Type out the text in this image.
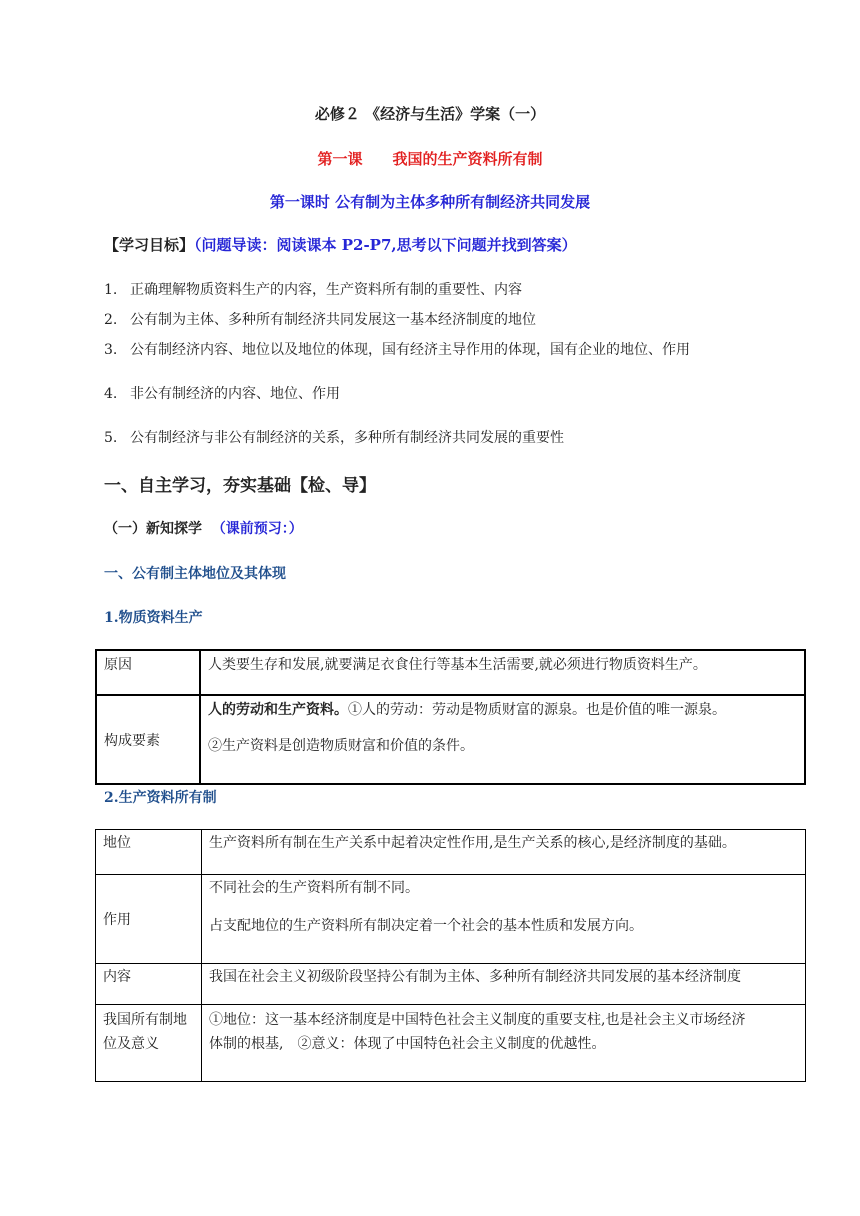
必修２ 《经济与生活》学案（一）
第一课　　我国的生产资料所有制
第一课时 公有制为主体多种所有制经济共同发展
【学习目标】（问题导读：阅读课本 P2-P7,思考以下问题并找到答案）
1. 正确理解物质资料生产的内容，生产资料所有制的重要性、内容
2. 公有制为主体、多种所有制经济共同发展这一基本经济制度的地位
3. 公有制经济内容、地位以及地位的体现，国有经济主导作用的体现，国有企业的地位、作用
4. 非公有制经济的内容、地位、作用
5. 公有制经济与非公有制经济的关系，多种所有制经济共同发展的重要性
一、自主学习，夯实基础【检、导】
（一）新知探学 （课前预习：）
一、公有制主体地位及其体现
1.物质资料生产
原因	人类要生存和发展,就要满足衣食住行等基本生活需要,就必须进行物质资料生产。
构成要素	人的劳动和生产资料。①人的劳动：劳动是物质财富的源泉。也是价值的唯一源泉。
②生产资料是创造物质财富和价值的条件。
2.生产资料所有制
地位	生产资料所有制在生产关系中起着决定性作用,是生产关系的核心,是经济制度的基础。
作用	不同社会的生产资料所有制不同。
占支配地位的生产资料所有制决定着一个社会的基本性质和发展方向。

内容	我国在社会主义初级阶段坚持公有制为主体、多种所有制经济共同发展的基本经济制度

我国所有制地
位及意义	①地位：这一基本经济制度是中国特色社会主义制度的重要支柱,也是社会主义市场经济
体制的根基,　②意义：体现了中国特色社会主义制度的优越性。
